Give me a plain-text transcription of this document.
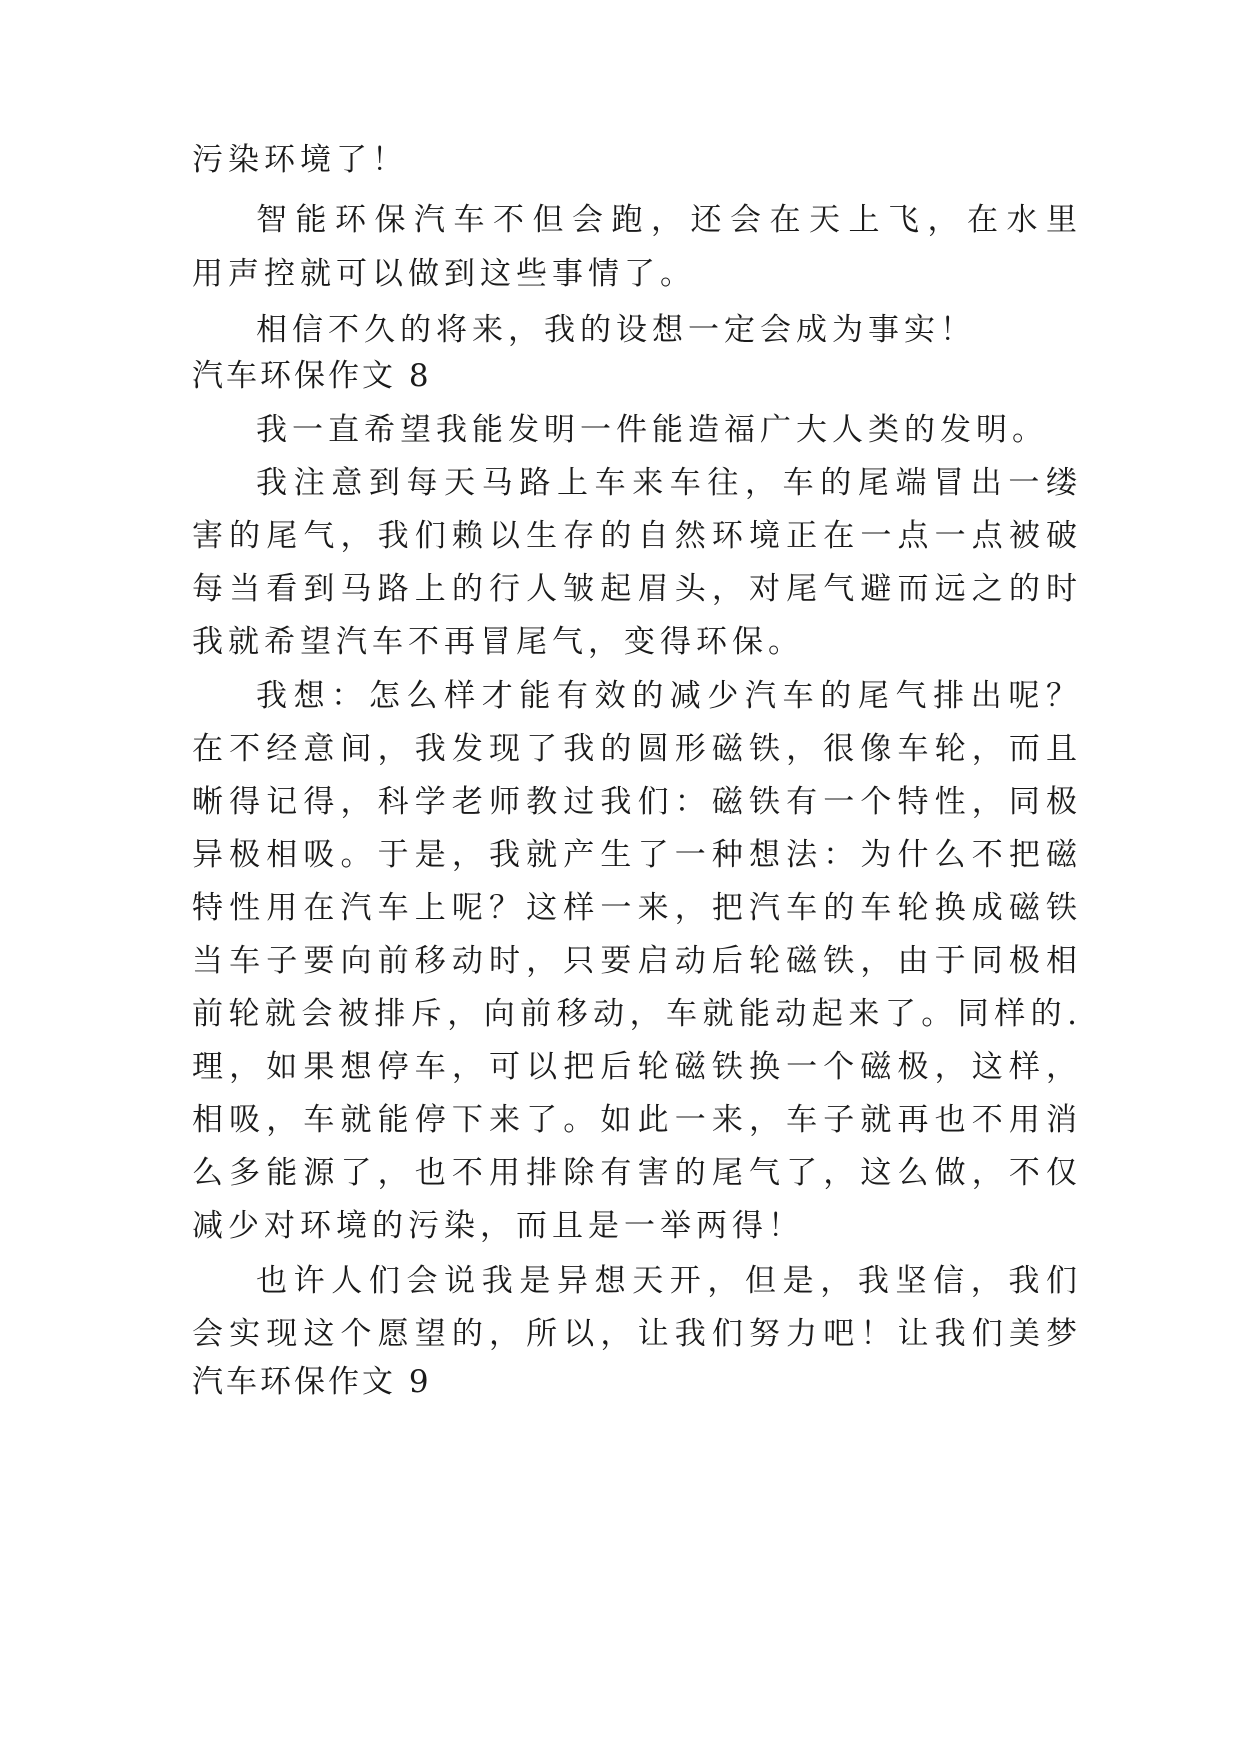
污染环境了！
智能环保汽车不但会跑，还会在天上飞，在水里
用声控就可以做到这些事情了。
相信不久的将来，我的设想一定会成为事实！
汽车环保作文 8
我一直希望我能发明一件能造福广大人类的发明。
我注意到每天马路上车来车往，车的尾端冒出一缕
害的尾气，我们赖以生存的自然环境正在一点一点被破
每当看到马路上的行人皱起眉头，对尾气避而远之的时
我就希望汽车不再冒尾气，变得环保。
我想：怎么样才能有效的减少汽车的尾气排出呢？
在不经意间，我发现了我的圆形磁铁，很像车轮，而且
晰得记得，科学老师教过我们：磁铁有一个特性，同极
异极相吸。于是，我就产生了一种想法：为什么不把磁
特性用在汽车上呢？这样一来，把汽车的车轮换成磁铁
当车子要向前移动时，只要启动后轮磁铁，由于同极相
前轮就会被排斥，向前移动，车就能动起来了。同样的.
理，如果想停车，可以把后轮磁铁换一个磁极，这样，
相吸，车就能停下来了。如此一来，车子就再也不用消
么多能源了，也不用排除有害的尾气了，这么做，不仅
减少对环境的污染，而且是一举两得！
也许人们会说我是异想天开，但是，我坚信，我们
会实现这个愿望的，所以，让我们努力吧！让我们美梦
汽车环保作文 9
